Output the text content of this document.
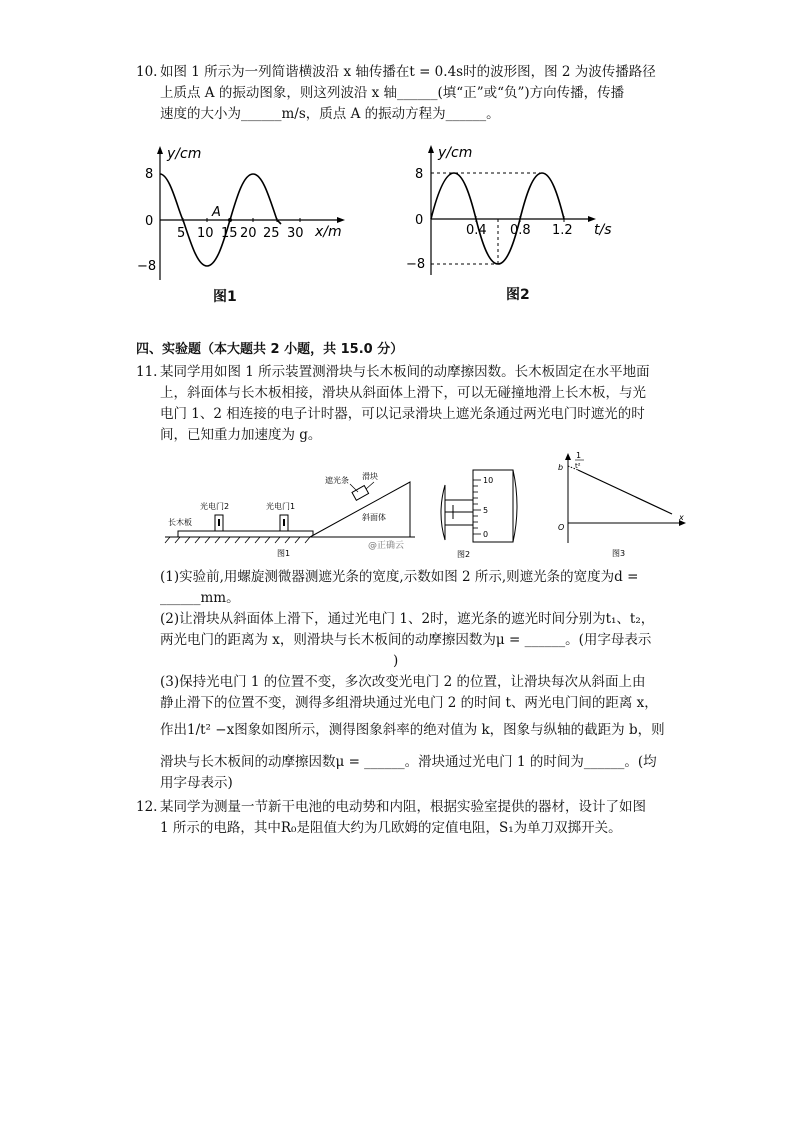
10. 如图 1 所示为一列简谐横波沿 x 轴传播在t = 0.4s时的波形图，图 2 为波传播路径
上质点 A 的振动图象，则这列波沿 x 轴______(填“正”或“负”)方向传播，传播
速度的大小为______m/s，质点 A 的振动方程为______。
y/cm
x/m
8
0
−8
5 10 15 20 25 30
A
图1
y/cm
t/s
8
0
−8
0.4 0.8 1.2
图2
四、实验题（本大题共 2 小题，共 15.0 分）
11. 某同学用如图 1 所示装置测滑块与长木板间的动摩擦因数。长木板固定在水平地面
上，斜面体与长木板相接，滑块从斜面体上滑下，可以无碰撞地滑上长木板，与光
电门 1、2 相连接的电子计时器，可以记录滑块上遮光条通过两光电门时遮光的时
间，已知重力加速度为 g。
长木板
光电门2	光电门1
遮光条 滑块
斜面体
@正确云
图1
10
5
0
图2
1
t²
b
O
x
图3
(1)实验前,用螺旋测微器测遮光条的宽度,示数如图 2 所示,则遮光条的宽度为d =
______mm。
(2)让滑块从斜面体上滑下，通过光电门 1、2时，遮光条的遮光时间分别为t₁、t₂，
两光电门的距离为 x，则滑块与长木板间的动摩擦因数为μ = ______。(用字母表示
)
(3)保持光电门 1 的位置不变，多次改变光电门 2 的位置，让滑块每次从斜面上由
静止滑下的位置不变，测得多组滑块通过光电门 2 的时间 t、两光电门间的距离 x，
作出1/t² −x图象如图所示，测得图象斜率的绝对值为 k，图象与纵轴的截距为 b，则
滑块与长木板间的动摩擦因数μ = ______。滑块通过光电门 1 的时间为______。(均
用字母表示)
12. 某同学为测量一节新干电池的电动势和内阻，根据实验室提供的器材，设计了如图
1 所示的电路，其中R₀是阻值大约为几欧姆的定值电阻，S₁为单刀双掷开关。
